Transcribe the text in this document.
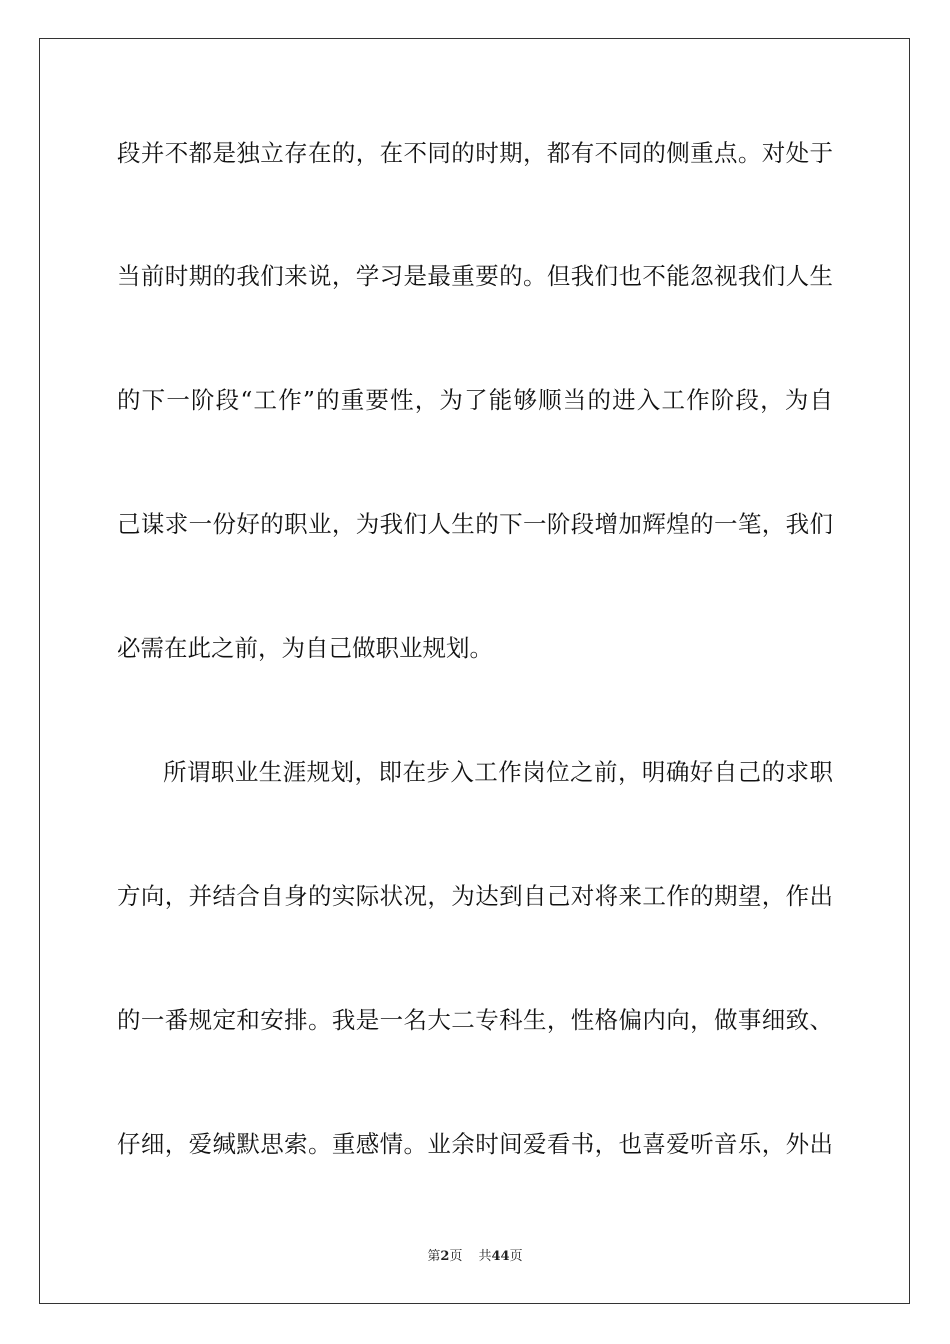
段并不都是独立存在的，在不同的时期，都有不同的侧重点。对处于
当前时期的我们来说，学习是最重要的。但我们也不能忽视我们人生
的下一阶段“工作”的重要性，为了能够顺当的进入工作阶段，为自
己谋求一份好的职业，为我们人生的下一阶段增加辉煌的一笔，我们
必需在此之前，为自己做职业规划。
所谓职业生涯规划，即在步入工作岗位之前，明确好自己的求职
方向，并结合自身的实际状况，为达到自己对将来工作的期望，作出
的一番规定和安排。我是一名大二专科生，性格偏内向，做事细致、
仔细，爱缄默思索。重感情。业余时间爱看书，也喜爱听音乐，外出
第2页 共44页
